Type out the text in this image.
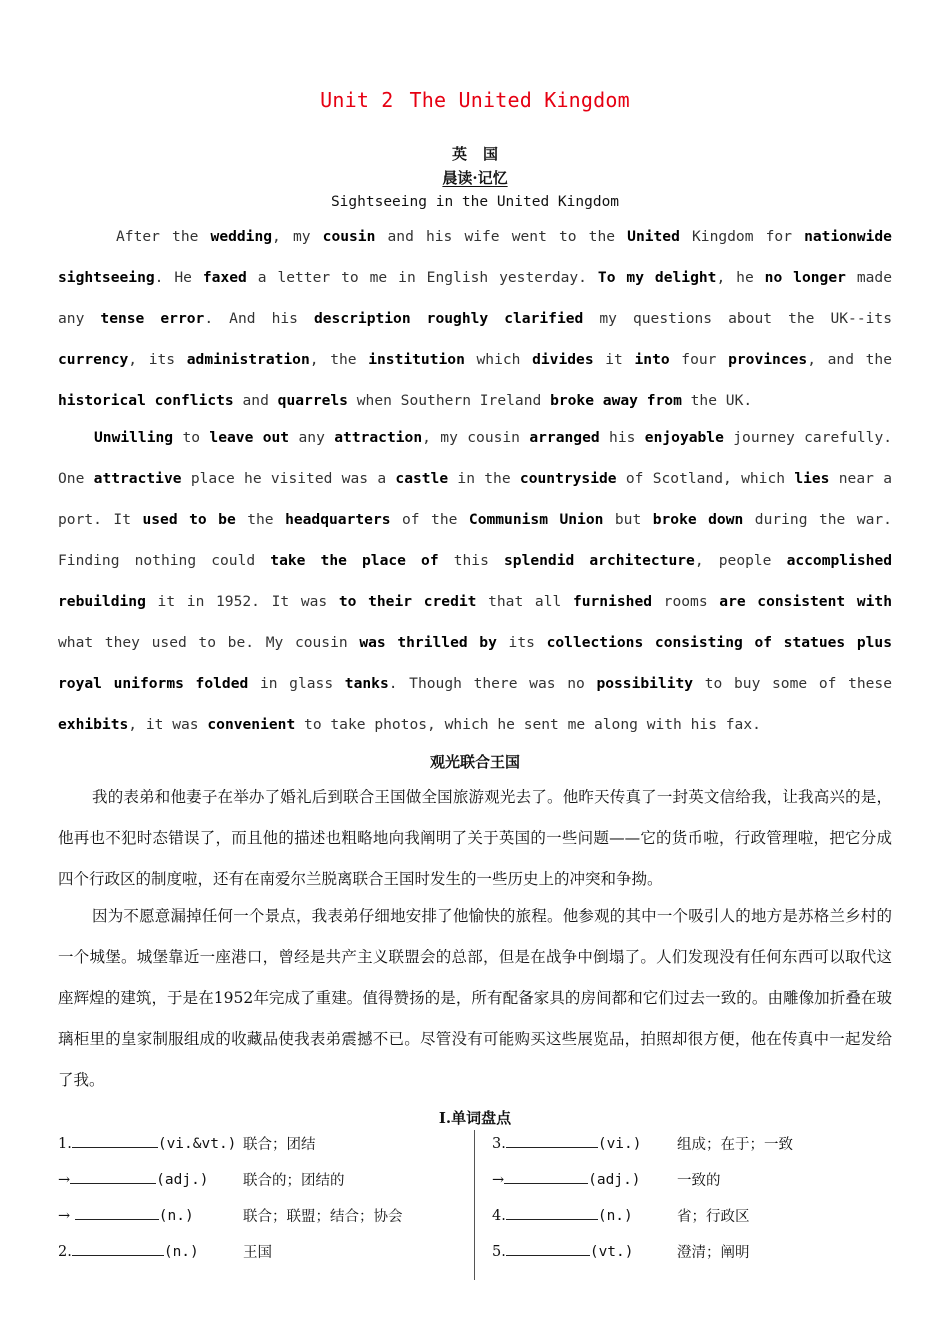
Unit 2 The United Kingdom
英国
晨读·记忆
Sightseeing in the United Kingdom
After the wedding, my cousin and his wife went to the United Kingdom for nationwide sightseeing. He faxed a letter to me in English yesterday. To my delight, he no longer made any tense error. And his description roughly clarified my questions about the UK--its currency, its administration, the institution which divides it into four provinces, and the historical conflicts and quarrels when Southern Ireland broke away from the UK.
Unwilling to leave out any attraction, my cousin arranged his enjoyable journey carefully. One attractive place he visited was a castle in the countryside of Scotland, which lies near a port. It used to be the headquarters of the Communism Union but broke down during the war. Finding nothing could take the place of this splendid architecture, people accomplished rebuilding it in 1952. It was to their credit that all furnished rooms are consistent with what they used to be. My cousin was thrilled by its collections consisting of statues plus royal uniforms folded in glass tanks. Though there was no possibility to buy some of these exhibits, it was convenient to take photos, which he sent me along with his fax.
观光联合王国
我的表弟和他妻子在举办了婚礼后到联合王国做全国旅游观光去了。他昨天传真了一封英文信给我，让我高兴的是，他再也不犯时态错误了，而且他的描述也粗略地向我阐明了关于英国的一些问题——它的货币啦，行政管理啦，把它分成四个行政区的制度啦，还有在南爱尔兰脱离联合王国时发生的一些历史上的冲突和争拗。
因为不愿意漏掉任何一个景点，我表弟仔细地安排了他愉快的旅程。他参观的其中一个吸引人的地方是苏格兰乡村的一个城堡。城堡靠近一座港口，曾经是共产主义联盟会的总部，但是在战争中倒塌了。人们发现没有任何东西可以取代这座辉煌的建筑，于是在1952年完成了重建。值得赞扬的是，所有配备家具的房间都和它们过去一致的。由雕像加折叠在玻璃柜里的皇家制服组成的收藏品使我表弟震撼不已。尽管没有可能购买这些展览品，拍照却很方便，他在传真中一起发给了我。
I.单词盘点
1.	(vi.&vt.) 联合；团结
→	(adj.) 联合的；团结的
→	(n.)	联合；联盟；结合；协会
2.	(n.)	王国
3.	(vi.) 组成；在于；一致
→	(adj.)	一致的
4.	(n.)	省；行政区
5.	(vt.)	澄清；阐明
